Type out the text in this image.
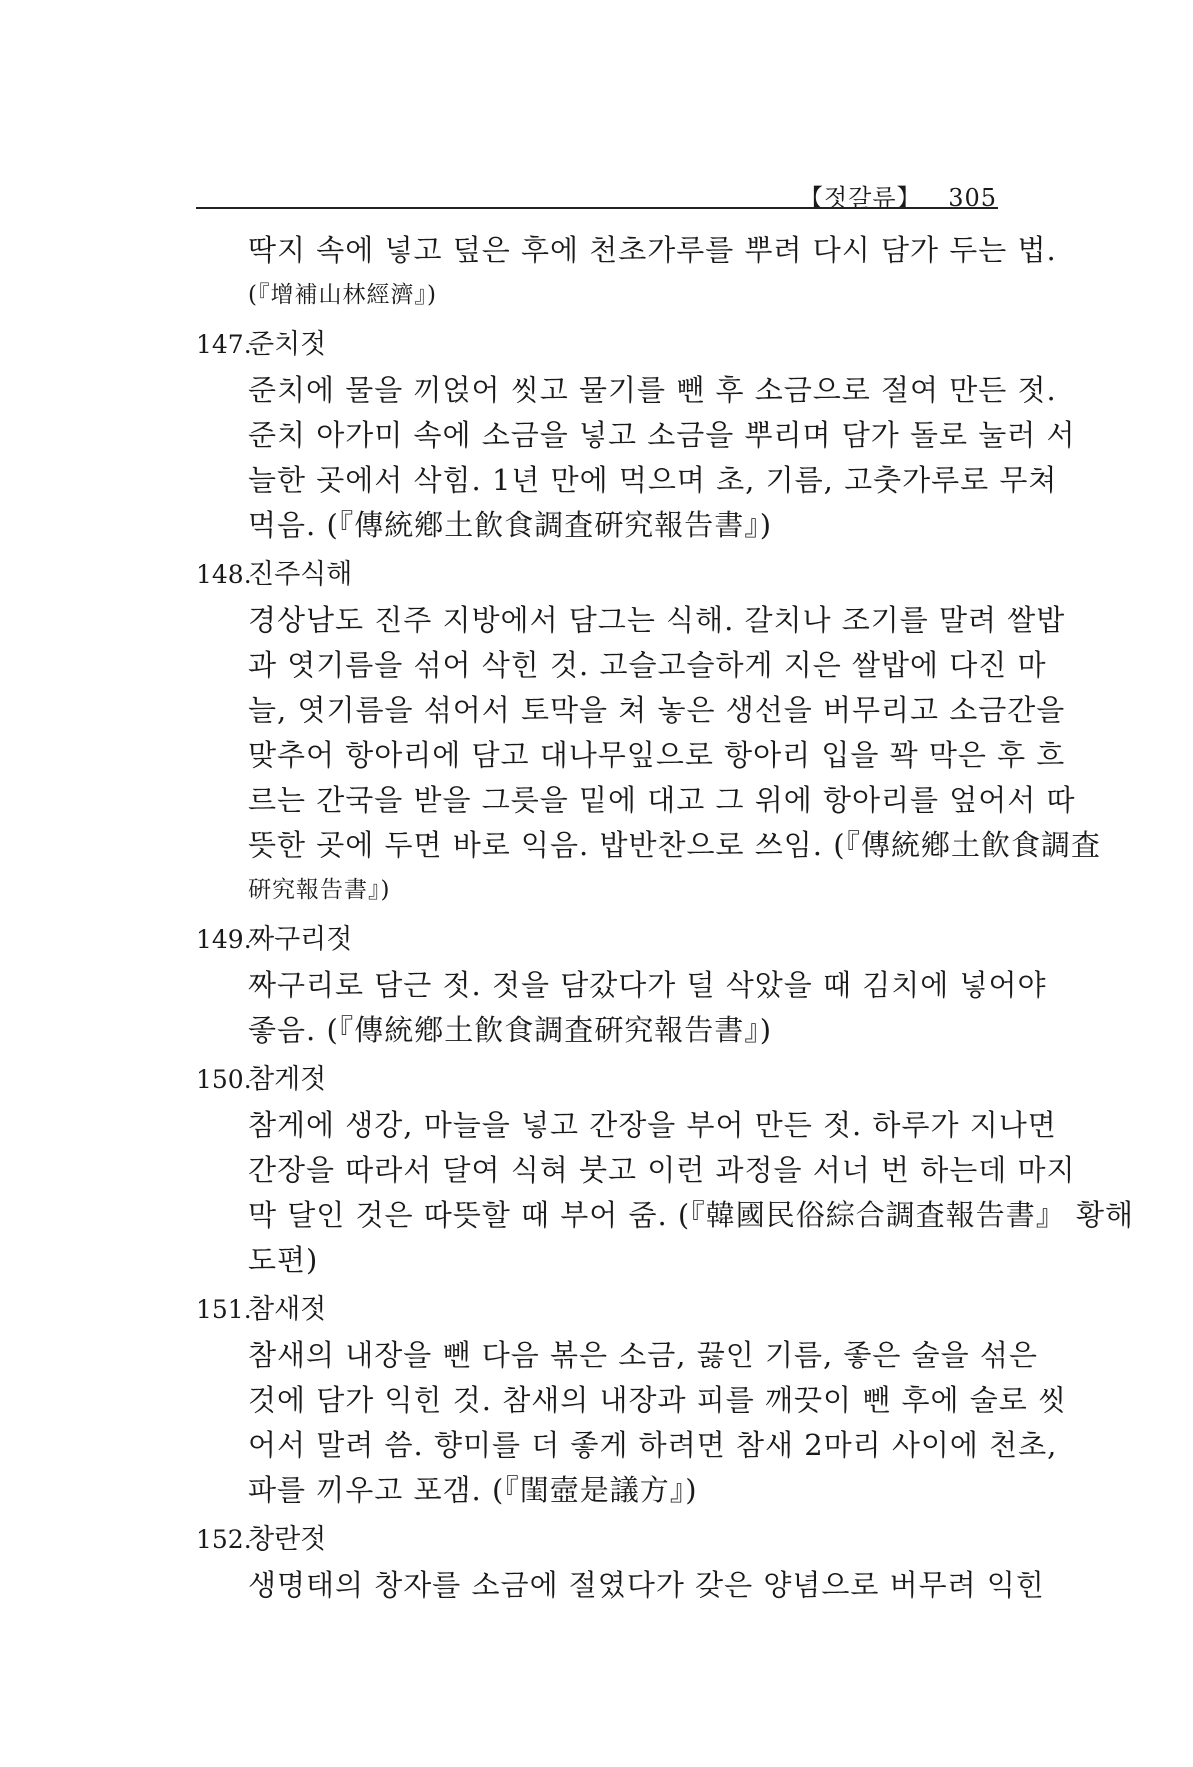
【젓갈류】 305
딱지 속에 넣고 덮은 후에 천초가루를 뿌려 다시 담가 두는 법.
(『增補山林經濟』)
147.준치젓
준치에 물을 끼얹어 씻고 물기를 뺀 후 소금으로 절여 만든 젓.
준치 아가미 속에 소금을 넣고 소금을 뿌리며 담가 돌로 눌러 서
늘한 곳에서 삭힘. 1년 만에 먹으며 초, 기름, 고춧가루로 무쳐
먹음. (『傳統鄕土飮食調査硏究報告書』)
148.진주식해
경상남도 진주 지방에서 담그는 식해. 갈치나 조기를 말려 쌀밥
과 엿기름을 섞어 삭힌 것. 고슬고슬하게 지은 쌀밥에 다진 마
늘, 엿기름을 섞어서 토막을 쳐 놓은 생선을 버무리고 소금간을
맞추어 항아리에 담고 대나무잎으로 항아리 입을 꽉 막은 후 흐
르는 간국을 받을 그릇을 밑에 대고 그 위에 항아리를 엎어서 따
뜻한 곳에 두면 바로 익음. 밥반찬으로 쓰임. (『傳統鄕土飮食調査
硏究報告書』)
149.짜구리젓
짜구리로 담근 젓. 젓을 담갔다가 덜 삭았을 때 김치에 넣어야
좋음. (『傳統鄕土飮食調査硏究報告書』)
150.참게젓
참게에 생강, 마늘을 넣고 간장을 부어 만든 젓. 하루가 지나면
간장을 따라서 달여 식혀 붓고 이런 과정을 서너 번 하는데 마지
막 달인 것은 따뜻할 때 부어 줌. (『韓國民俗綜合調査報告書』 황해
도편)
151.참새젓
참새의 내장을 뺀 다음 볶은 소금, 끓인 기름, 좋은 술을 섞은
것에 담가 익힌 것. 참새의 내장과 피를 깨끗이 뺀 후에 술로 씻
어서 말려 씀. 향미를 더 좋게 하려면 참새 2마리 사이에 천초,
파를 끼우고 포갬. (『閨壼是議方』)
152.창란젓
생명태의 창자를 소금에 절였다가 갖은 양념으로 버무려 익힌
